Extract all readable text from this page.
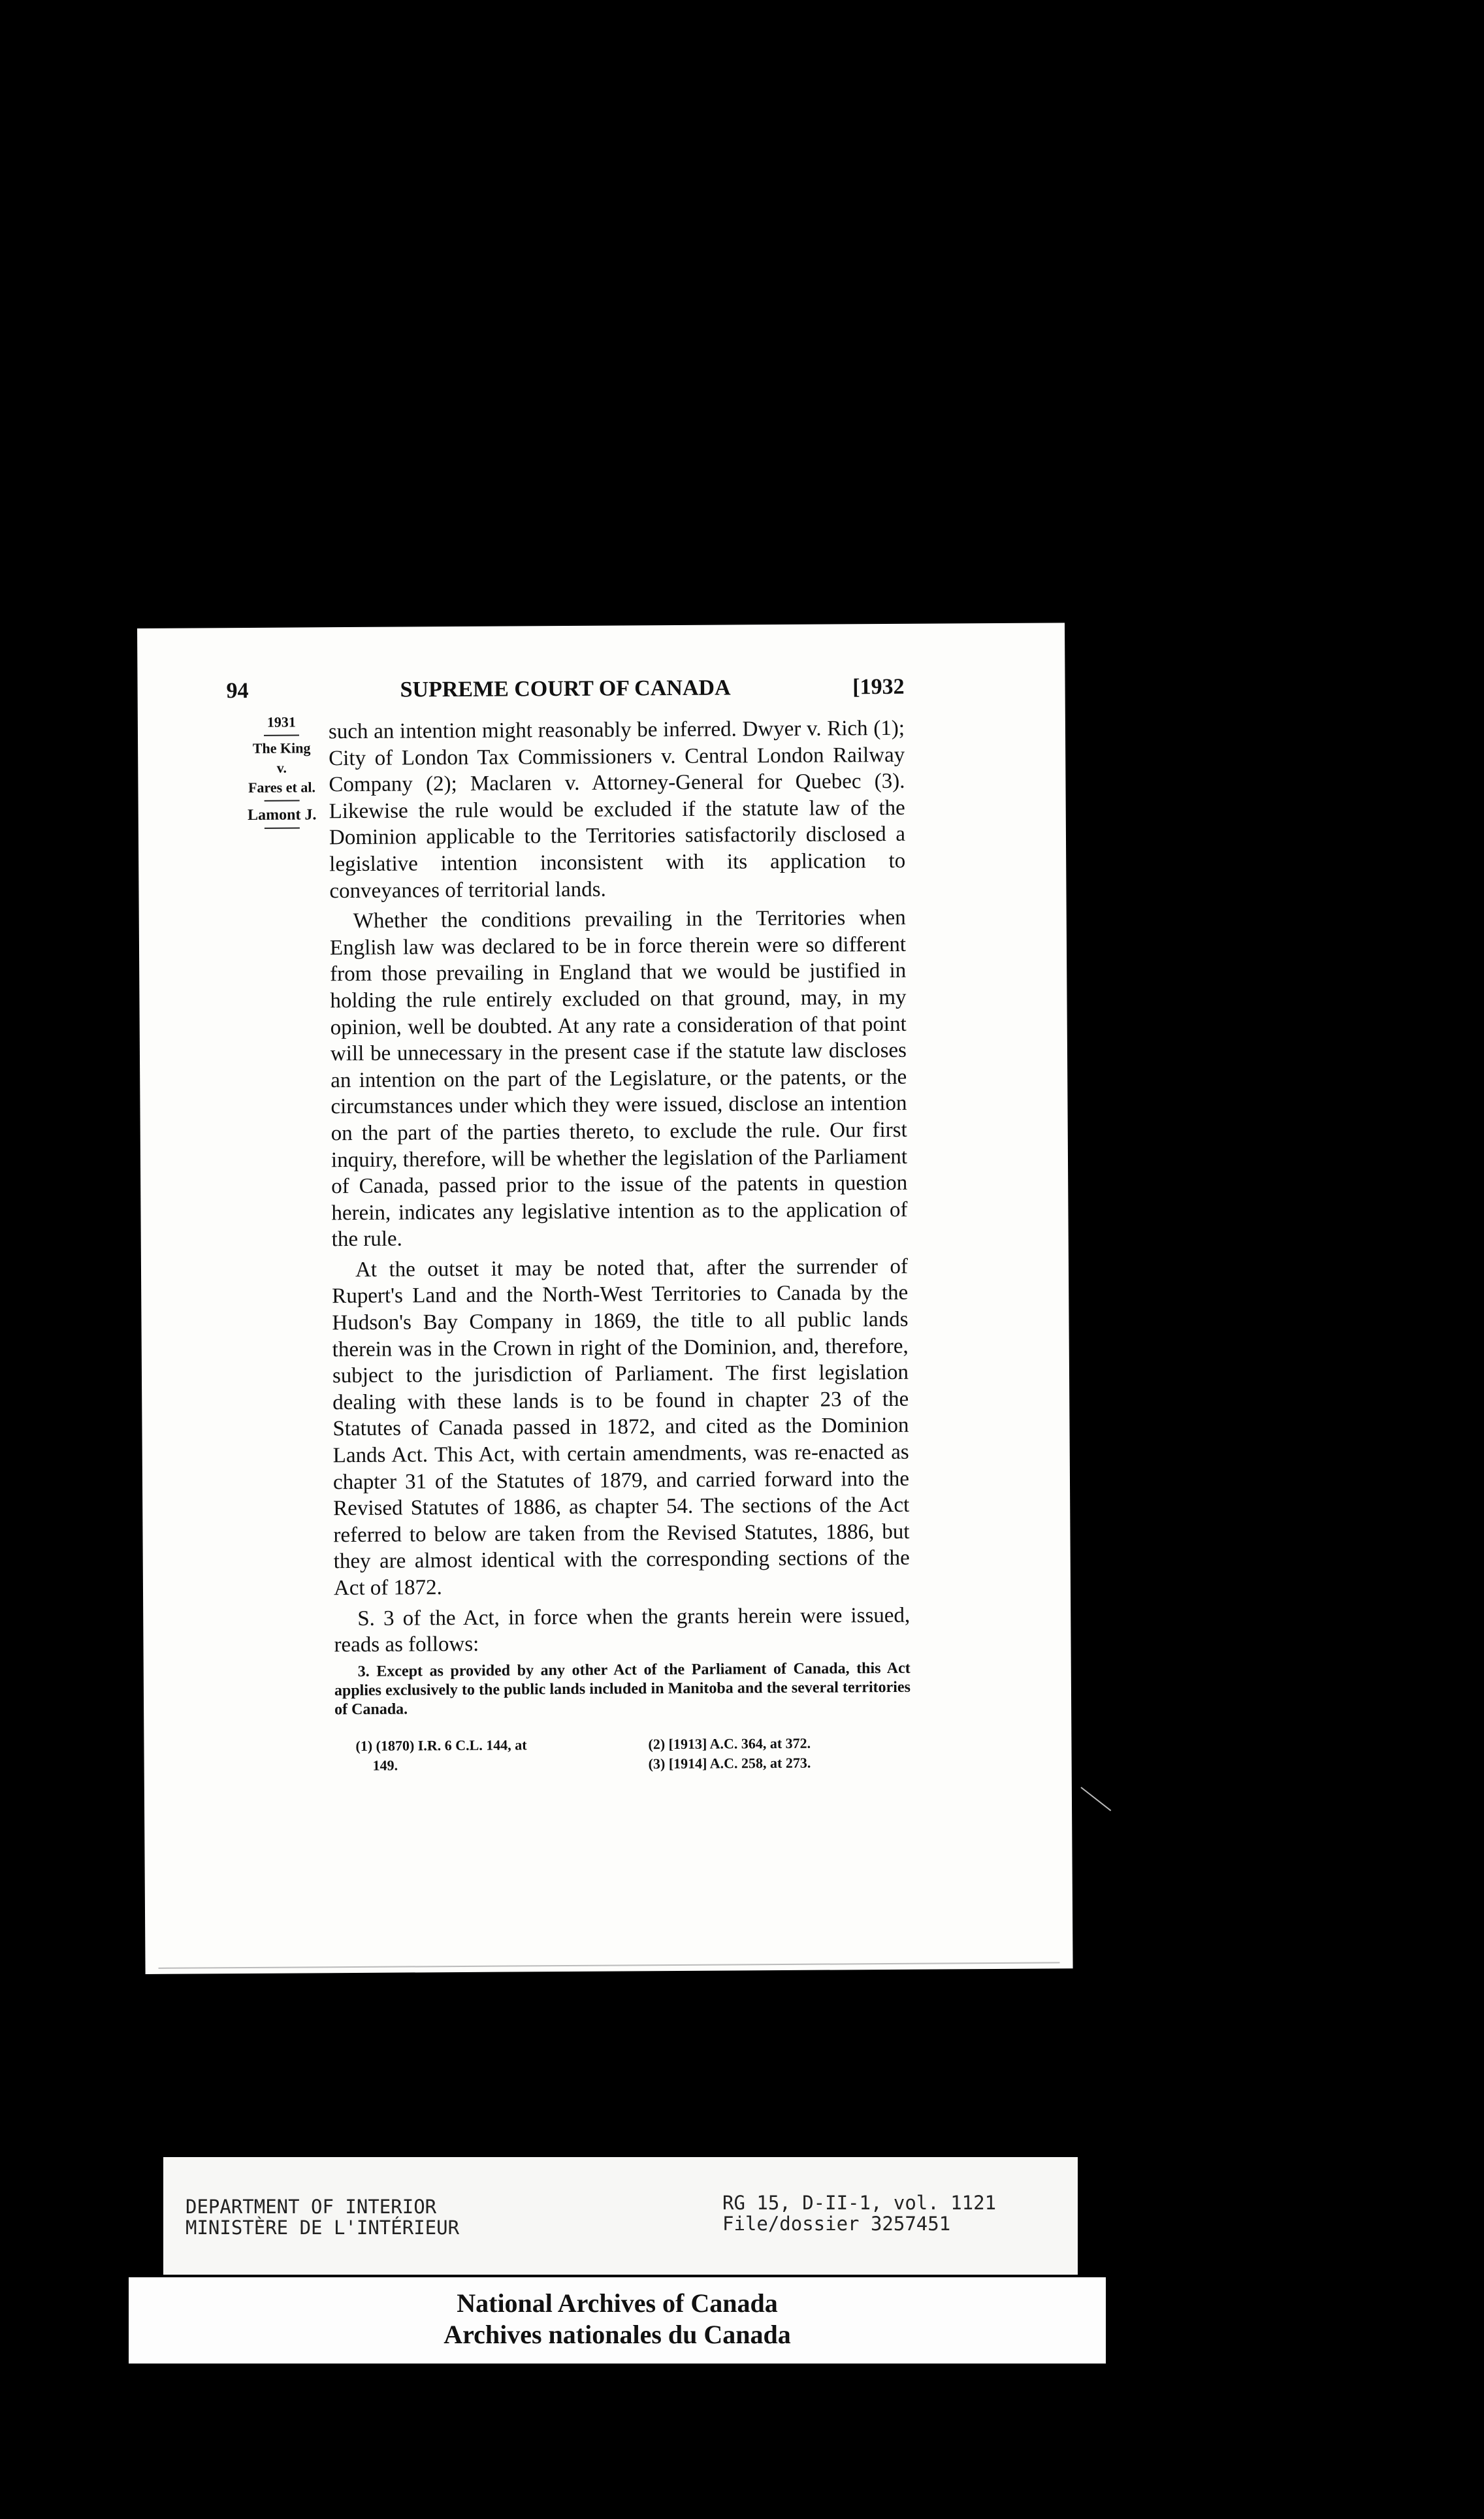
94	SUPREME COURT OF CANADA	[1932
1931
The King
v.
Fares et al.
Lamont J.

such an intention might reasonably be inferred. Dwyer v. Rich (1); City of London Tax Commissioners v. Central London Railway Company (2); Maclaren v. Attorney-General for Quebec (3). Likewise the rule would be excluded if the statute law of the Dominion applicable to the Territories satisfactorily disclosed a legislative intention inconsistent with its application to conveyances of territorial lands.

Whether the conditions prevailing in the Territories when English law was declared to be in force therein were so different from those prevailing in England that we would be justified in holding the rule entirely excluded on that ground, may, in my opinion, well be doubted. At any rate a consideration of that point will be unnecessary in the present case if the statute law discloses an intention on the part of the Legislature, or the patents, or the circumstances under which they were issued, disclose an intention on the part of the parties thereto, to exclude the rule. Our first inquiry, therefore, will be whether the legislation of the Parliament of Canada, passed prior to the issue of the patents in question herein, indicates any legislative intention as to the application of the rule.

At the outset it may be noted that, after the surrender of Rupert's Land and the North-West Territories to Canada by the Hudson's Bay Company in 1869, the title to all public lands therein was in the Crown in right of the Dominion, and, therefore, subject to the jurisdiction of Parliament. The first legislation dealing with these lands is to be found in chapter 23 of the Statutes of Canada passed in 1872, and cited as the Dominion Lands Act. This Act, with certain amendments, was re-enacted as chapter 31 of the Statutes of 1879, and carried forward into the Revised Statutes of 1886, as chapter 54. The sections of the Act referred to below are taken from the Revised Statutes, 1886, but they are almost identical with the corresponding sections of the Act of 1872.

S. 3 of the Act, in force when the grants herein were issued, reads as follows:

3. Except as provided by any other Act of the Parliament of Canada, this Act applies exclusively to the public lands included in Manitoba and the several territories of Canada.

(1) (1870) I.R. 6 C.L. 144, at
149.
(2) [1913] A.C. 364, at 372.
(3) [1914] A.C. 258, at 273.
DEPARTMENT OF INTERIOR
MINISTÈRE DE L'INTÉRIEUR
RG 15, D-II-1, vol. 1121
File/dossier 3257451
National Archives of Canada
Archives nationales du Canada
